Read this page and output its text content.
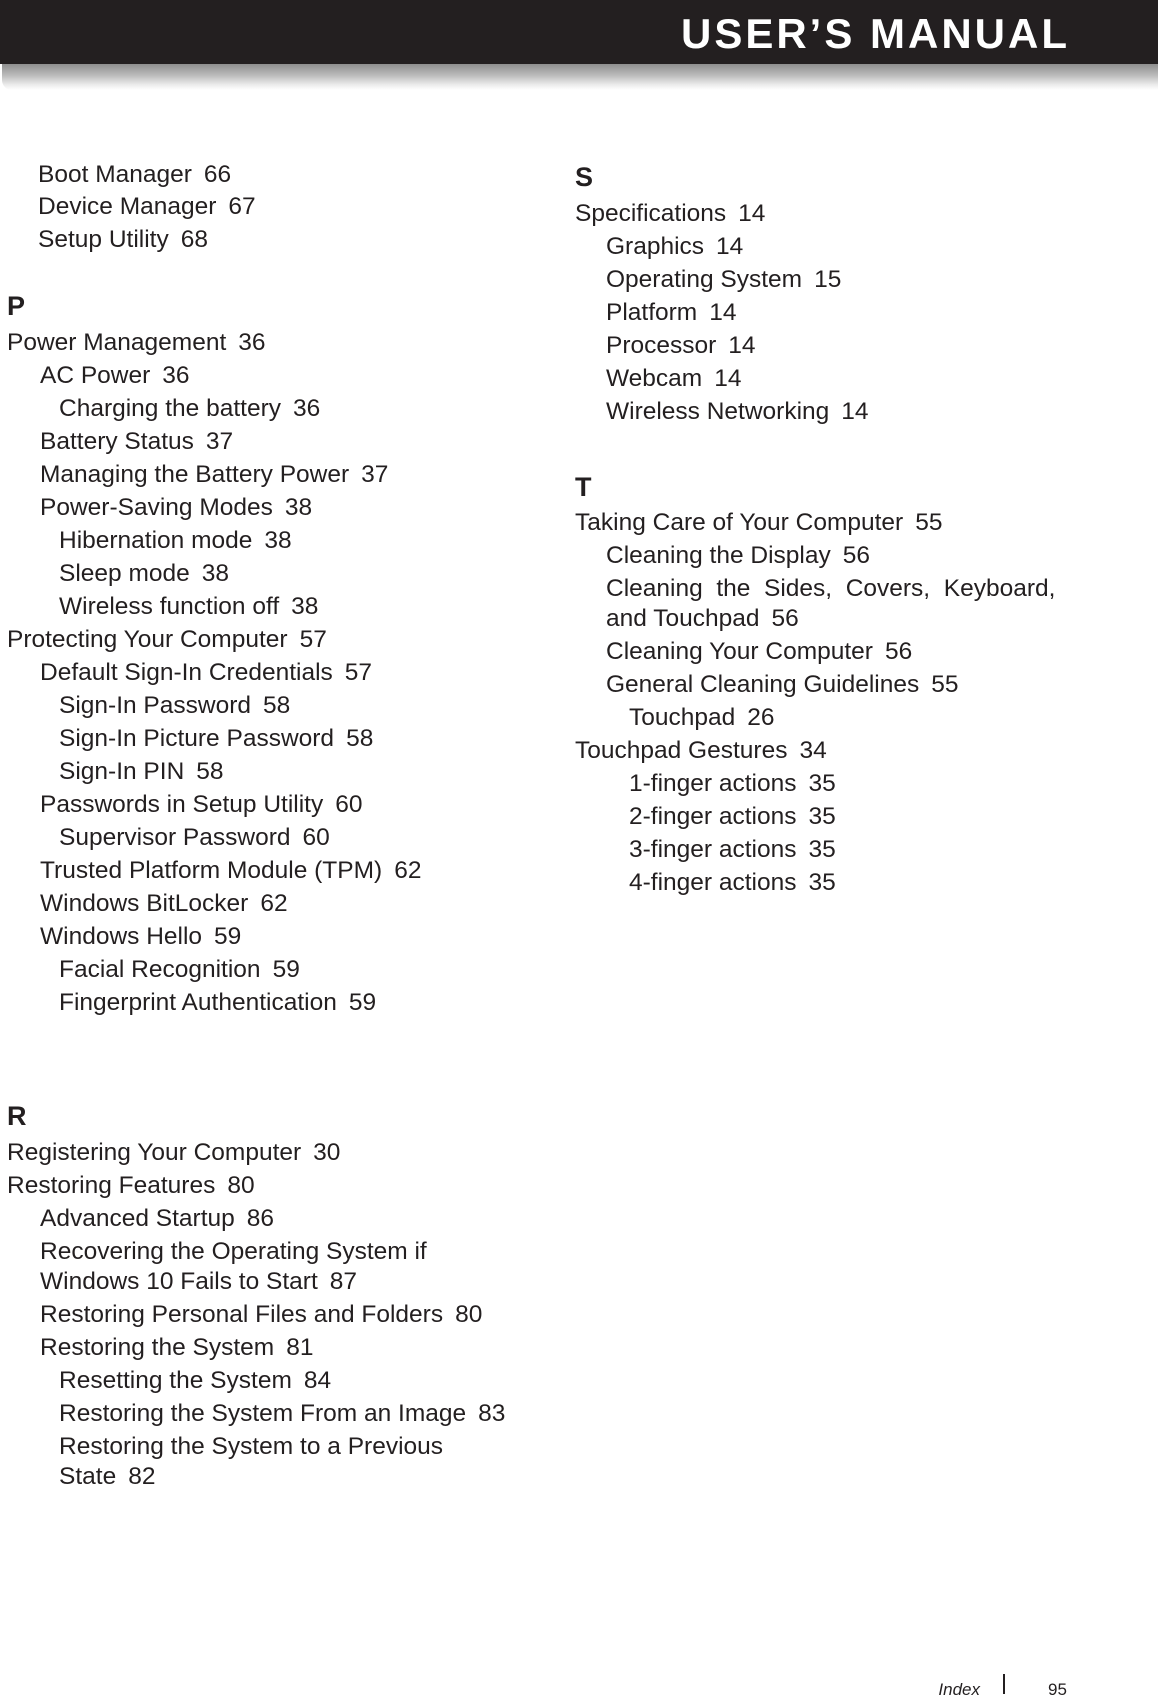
USER’S MANUAL
Boot Manager 66
Device Manager 67
Setup Utility 68
P
Power Management 36
AC Power 36
Charging the battery 36
Battery Status 37
Managing the Battery Power 37
Power-Saving Modes 38
Hibernation mode 38
Sleep mode 38
Wireless function off 38
Protecting Your Computer 57
Default Sign-In Credentials 57
Sign-In Password 58
Sign-In Picture Password 58
Sign-In PIN 58
Passwords in Setup Utility 60
Supervisor Password 60
Trusted Platform Module (TPM) 62
Windows BitLocker 62
Windows Hello 59
Facial Recognition 59
Fingerprint Authentication 59
R
Registering Your Computer 30
Restoring Features 80
Advanced Startup 86
Recovering the Operating System if
Windows 10 Fails to Start 87
Restoring Personal Files and Folders 80
Restoring the System 81
Resetting the System 84
Restoring the System From an Image 83
Restoring the System to a Previous
State 82
S
Specifications 14
Graphics 14
Operating System 15
Platform 14
Processor 14
Webcam 14
Wireless Networking 14
T
Taking Care of Your Computer 55
Cleaning the Display 56
Cleaning  the  Sides,  Covers,  Keyboard,
and Touchpad 56
Cleaning Your Computer 56
General Cleaning Guidelines 55
Touchpad 26
Touchpad Gestures 34
1-finger actions 35
2-finger actions 35
3-finger actions 35
4-finger actions 35
Index	95
